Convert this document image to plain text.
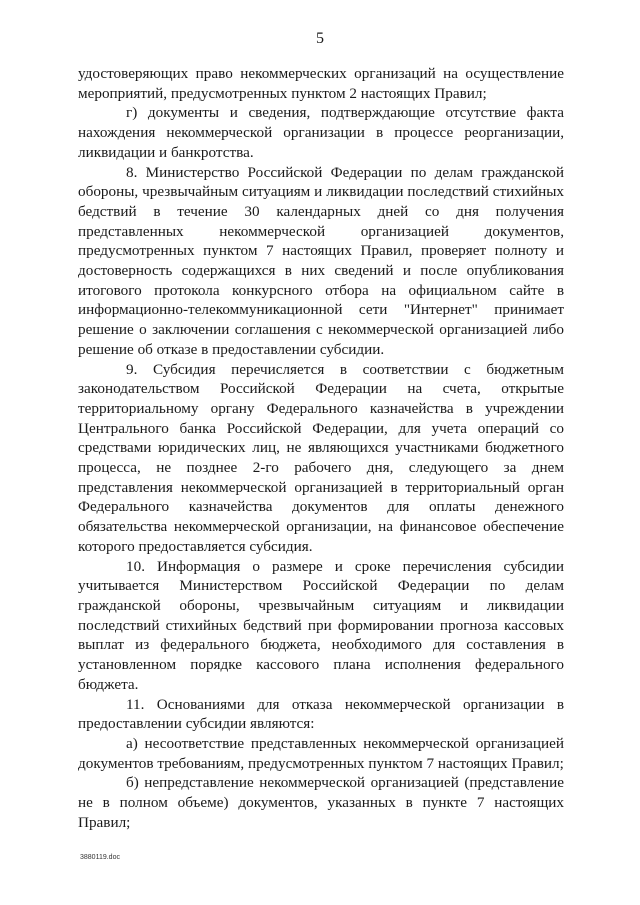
5

удостоверяющих право некоммерческих организаций на осуществление мероприятий, предусмотренных пунктом 2 настоящих Правил;

г) документы и сведения, подтверждающие отсутствие факта нахождения некоммерческой организации в процессе реорганизации, ликвидации и банкротства.

8. Министерство Российской Федерации по делам гражданской обороны, чрезвычайным ситуациям и ликвидации последствий стихийных бедствий в течение 30 календарных дней со дня получения представленных некоммерческой организацией документов, предусмотренных пунктом 7 настоящих Правил, проверяет полноту и достоверность содержащихся в них сведений и после опубликования итогового протокола конкурсного отбора на официальном сайте в информационно-телекоммуникационной сети "Интернет" принимает решение о заключении соглашения с некоммерческой организацией либо решение об отказе в предоставлении субсидии.

9. Субсидия перечисляется в соответствии с бюджетным законодательством Российской Федерации на счета, открытые территориальному органу Федерального казначейства в учреждении Центрального банка Российской Федерации, для учета операций со средствами юридических лиц, не являющихся участниками бюджетного процесса, не позднее 2-го рабочего дня, следующего за днем представления некоммерческой организацией в территориальный орган Федерального казначейства документов для оплаты денежного обязательства некоммерческой организации, на финансовое обеспечение которого предоставляется субсидия.

10. Информация о размере и сроке перечисления субсидии учитывается Министерством Российской Федерации по делам гражданской обороны, чрезвычайным ситуациям и ликвидации последствий стихийных бедствий при формировании прогноза кассовых выплат из федерального бюджета, необходимого для составления в установленном порядке кассового плана исполнения федерального бюджета.

11. Основаниями для отказа некоммерческой организации в предоставлении субсидии являются:

а) несоответствие представленных некоммерческой организацией документов требованиям, предусмотренных пунктом 7 настоящих Правил;

б) непредставление некоммерческой организацией (представление не в полном объеме) документов, указанных в пункте 7 настоящих Правил;

3880119.doc
